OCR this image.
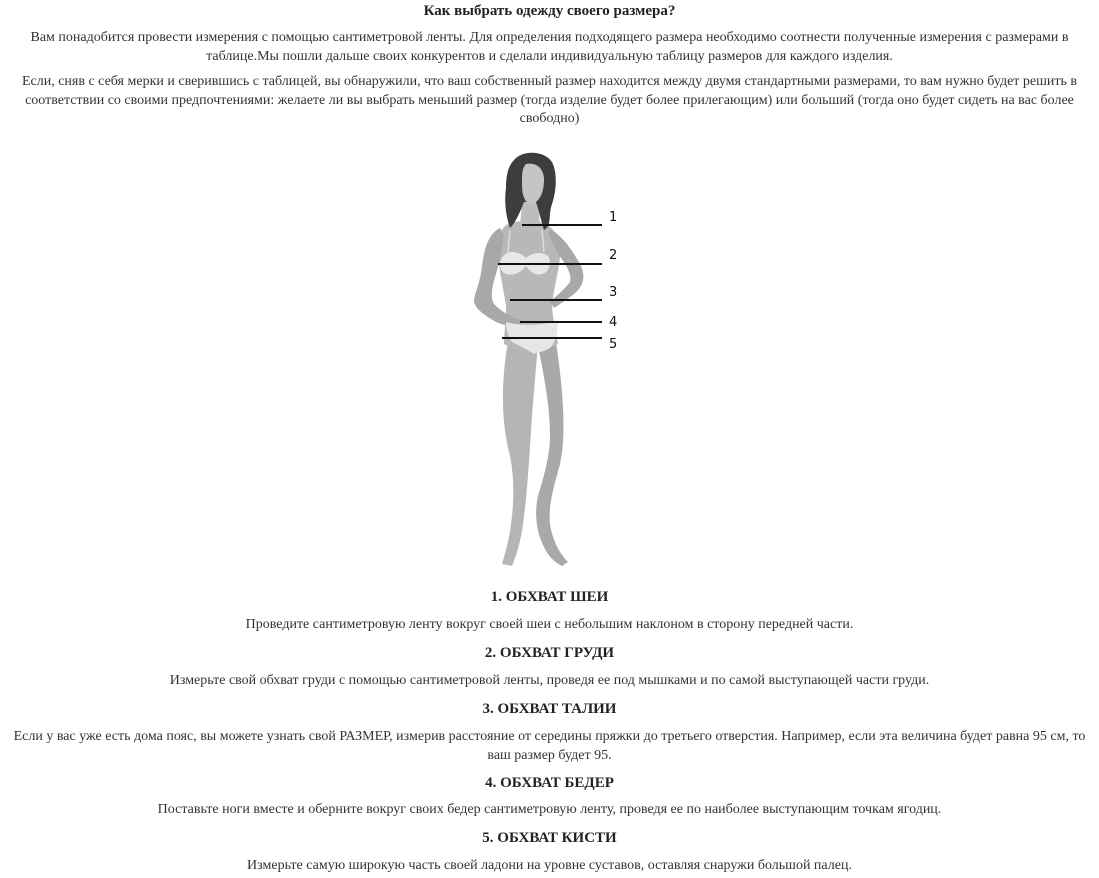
Как выбрать одежду своего размера?

Вам понадобится провести измерения с помощью сантиметровой ленты. Для определения подходящего размера необходимо соотнести полученные измерения с размерами в таблице.Мы пошли дальше своих конкурентов и сделали индивидуальную таблицу размеров для каждого изделия.

Если, сняв с себя мерки и сверившись с таблицей, вы обнаружили, что ваш собственный размер находится между двумя стандартными размерами, то вам нужно будет решить в соответствии со своими предпочтениями: желаете ли вы выбрать меньший размер (тогда изделие будет более прилегающим) или больший (тогда оно будет сидеть на вас более свободно)

1
2
3
4
5
1. ОБХВАТ ШЕИ

Проведите сантиметровую ленту вокруг своей шеи с небольшим наклоном в сторону передней части.

2. ОБХВАТ ГРУДИ

Измерьте свой обхват груди с помощью сантиметровой ленты, проведя ее под мышками и по самой выступающей части груди.

3. ОБХВАТ ТАЛИИ

Если у вас уже есть дома пояс, вы можете узнать свой РАЗМЕР, измерив расстояние от середины пряжки до третьего отверстия. Например, если эта величина будет равна 95 см, то ваш размер будет 95.

4. ОБХВАТ БЕДЕР

Поставьте ноги вместе и оберните вокруг своих бедер сантиметровую ленту, проведя ее по наиболее выступающим точкам ягодиц.

5. ОБХВАТ КИСТИ

Измерьте самую широкую часть своей ладони на уровне суставов, оставляя снаружи большой палец.
